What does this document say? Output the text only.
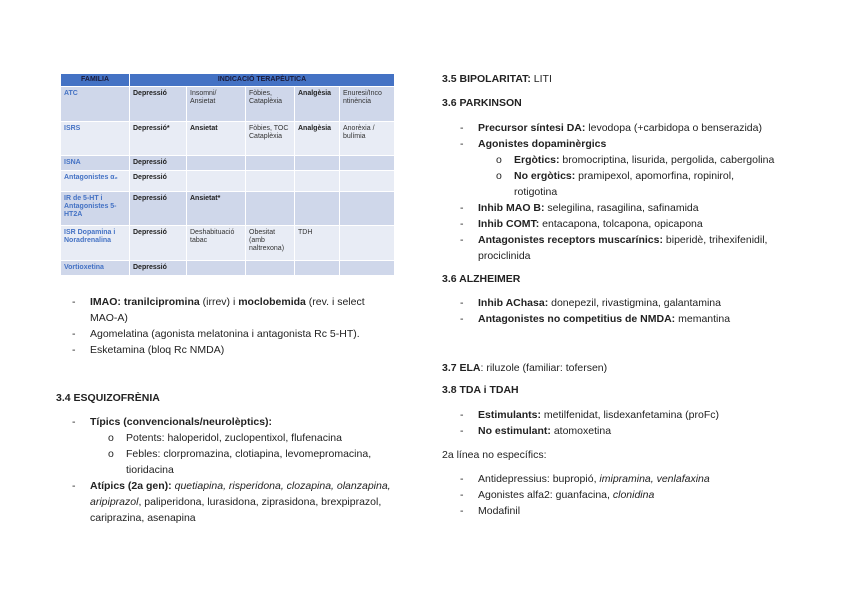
FAMILIA	INDICACIÓ TERAPÈUTICA				
ATC	Depressió	Insomni/ Ansietat	Fòbies, Cataplèxia	Analgèsia	Enuresi/Inco ntinència
ISRS	Depressió*	Ansietat	Fòbies, TOC Cataplèxia	Analgèsia	Anorèxia / bulímia
ISNA	Depressió				
Antagonistes α₂	Depressió				
IR de 5-HT i Antagonistes 5-HT2A	Depressió	Ansietat*			
ISR Dopamina i Noradrenalina	Depressió	Deshabituació tabac	Obesitat (amb naltrexona)	TDH	
Vortioxetina	Depressió				
- IMAO: tranilcipromina (irrev) i moclobemida (rev. i select
MAO-A)
- Agomelatina (agonista melatonina i antagonista Rc 5-HT).
- Esketamina (bloq Rc NMDA)
3.4 ESQUIZOFRÈNIA
- Típics (convencionals/neurolèptics):
o Potents: haloperidol, zuclopentixol, flufenacina
o Febles: clorpromazina, clotiapina, levomepromacina,
tioridacina
- Atípics (2a gen): quetiapina, risperidona, clozapina, olanzapina,
aripiprazol, paliperidona, lurasidona, ziprasidona, brexpiprazol,
cariprazina, asenapina
3.5 BIPOLARITAT: LITI
3.6 PARKINSON
- Precursor síntesi DA: levodopa (+carbidopa o benserazida)
- Agonistes dopaminèrgics
o Ergòtics: bromocriptina, lisurida, pergolida, cabergolina
o No ergòtics: pramipexol, apomorfina, ropinirol,
rotigotina
- Inhib MAO B: selegilina, rasagilina, safinamida
- Inhib COMT: entacapona, tolcapona, opicapona
- Antagonistes receptors muscarínics: biperidè, trihexifenidil,
prociclinida
3.6 ALZHEIMER
- Inhib AChasa: donepezil, rivastigmina, galantamina
- Antagonistes no competitius de NMDA: memantina
3.7 ELA: riluzole (familiar: tofersen)
3.8 TDA i TDAH
- Estimulants: metilfenidat, lisdexanfetamina (proFc)
- No estimulant: atomoxetina
2a línea no específics:
- Antidepressius: bupropió, imipramina, venlafaxina
- Agonistes alfa2: guanfacina, clonidina
- Modafinil
